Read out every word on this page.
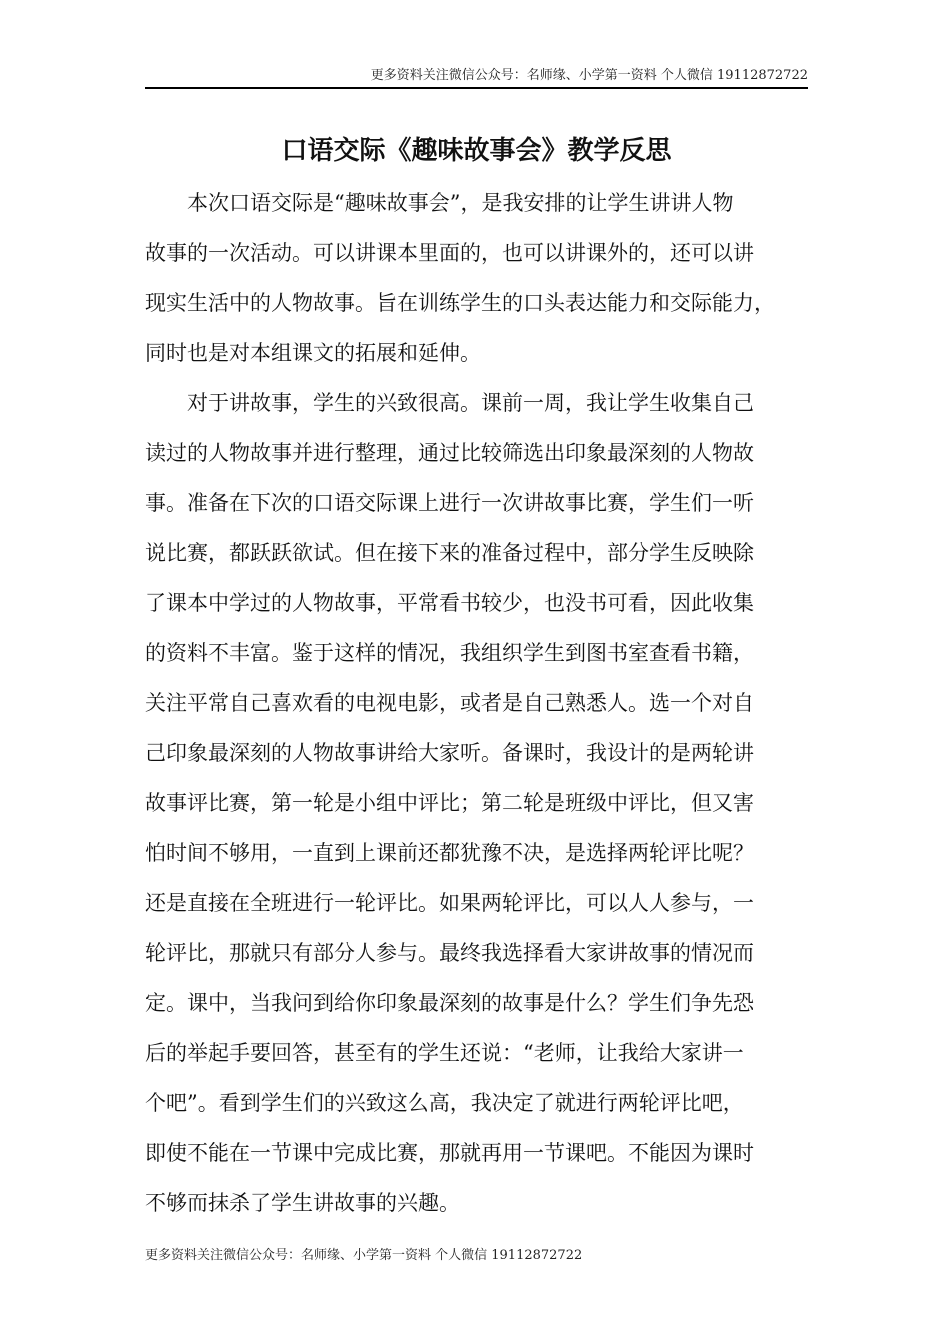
更多资料关注微信公众号：名师缘、小学第一资料 个人微信 19112872722
口语交际《趣味故事会》教学反思
　　本次口语交际是“趣味故事会”，是我安排的让学生讲讲人物
故事的一次活动。可以讲课本里面的，也可以讲课外的，还可以讲
现实生活中的人物故事。旨在训练学生的口头表达能力和交际能力，
同时也是对本组课文的拓展和延伸。
　　对于讲故事，学生的兴致很高。课前一周，我让学生收集自己
读过的人物故事并进行整理，通过比较筛选出印象最深刻的人物故
事。准备在下次的口语交际课上进行一次讲故事比赛，学生们一听
说比赛，都跃跃欲试。但在接下来的准备过程中，部分学生反映除
了课本中学过的人物故事，平常看书较少，也没书可看，因此收集
的资料不丰富。鉴于这样的情况，我组织学生到图书室查看书籍，
关注平常自己喜欢看的电视电影，或者是自己熟悉人。选一个对自
己印象最深刻的人物故事讲给大家听。备课时，我设计的是两轮讲
故事评比赛，第一轮是小组中评比；第二轮是班级中评比，但又害
怕时间不够用，一直到上课前还都犹豫不决，是选择两轮评比呢？
还是直接在全班进行一轮评比。如果两轮评比，可以人人参与，一
轮评比，那就只有部分人参与。最终我选择看大家讲故事的情况而
定。课中，当我问到给你印象最深刻的故事是什么？学生们争先恐
后的举起手要回答，甚至有的学生还说：“老师，让我给大家讲一
个吧”。看到学生们的兴致这么高，我决定了就进行两轮评比吧，
即使不能在一节课中完成比赛，那就再用一节课吧。不能因为课时
不够而抹杀了学生讲故事的兴趣。
更多资料关注微信公众号：名师缘、小学第一资料 个人微信 19112872722
